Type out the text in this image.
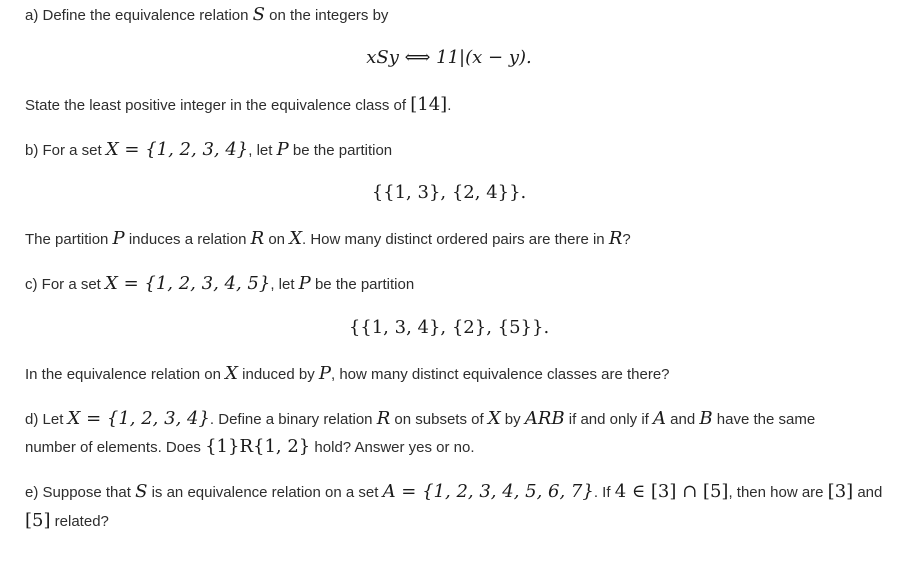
a) Define the equivalence relation S on the integers by
xSy ⟺ 11|(x − y).
State the least positive integer in the equivalence class of [14].
b) For a set X = {1, 2, 3, 4}, let P be the partition
{{1, 3}, {2, 4}}.
The partition P induces a relation R on X. How many distinct ordered pairs are there in R?
c) For a set X = {1, 2, 3, 4, 5}, let P be the partition
{{1, 3, 4}, {2}, {5}}.
In the equivalence relation on X induced by P, how many distinct equivalence classes are there?
d) Let X = {1, 2, 3, 4}. Define a binary relation R on subsets of X by ARB if and only if A and B have the same
number of elements. Does {1}R{1, 2} hold? Answer yes or no.
e) Suppose that S is an equivalence relation on a set A = {1, 2, 3, 4, 5, 6, 7}. If 4 ∈ [3] ∩ [5], then how are [3] and
[5] related?
